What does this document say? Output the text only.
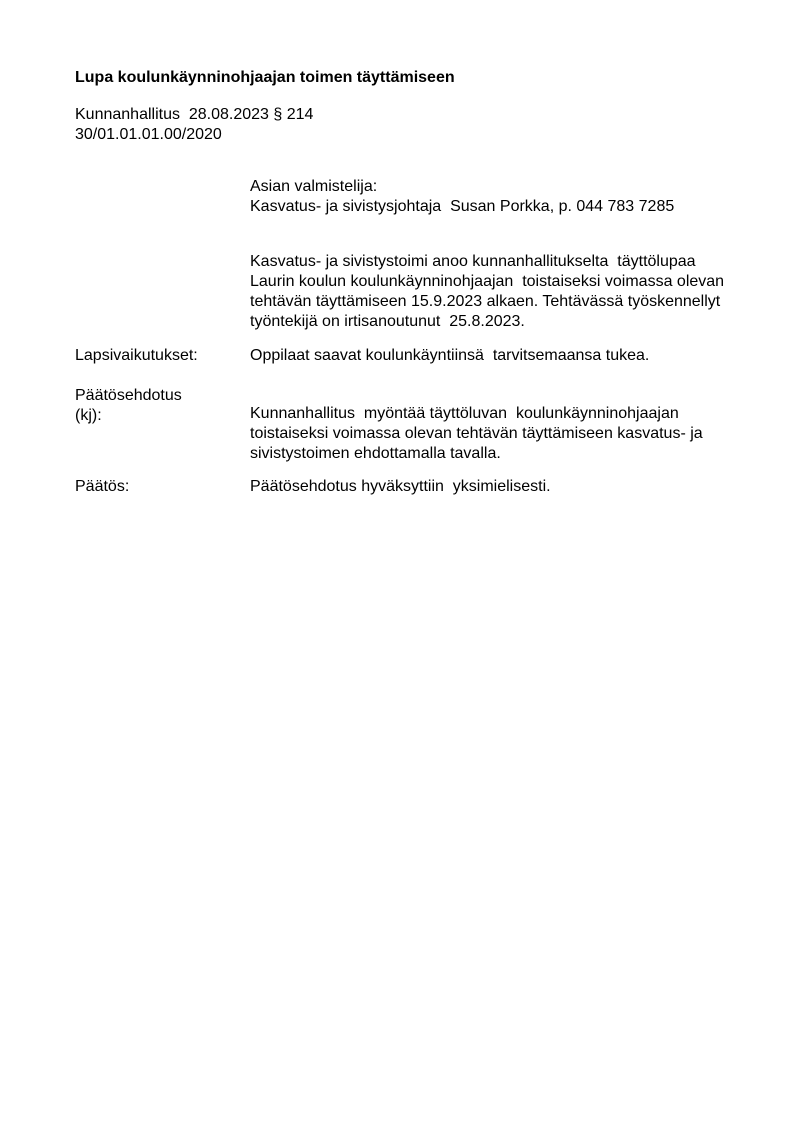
Lupa koulunkäynninohjaajan toimen täyttämiseen
Kunnanhallitus  28.08.2023 § 214
30/01.01.01.00/2020
Asian valmistelija:
Kasvatus- ja sivistysjohtaja  Susan Porkka, p. 044 783 7285
Kasvatus- ja sivistystoimi anoo kunnanhallitukselta  täyttölupaa
Laurin koulun koulunkäynninohjaajan  toistaiseksi voimassa olevan
tehtävän täyttämiseen 15.9.2023 alkaen. Tehtävässä työskennellyt
työntekijä on irtisanoutunut  25.8.2023.
Lapsivaikutukset:	Oppilaat saavat koulunkäyntiinsä  tarvitsemaansa tukea.
Päätösehdotus
(kj):	Kunnanhallitus  myöntää täyttöluvan  koulunkäynninohjaajan
toistaiseksi voimassa olevan tehtävän täyttämiseen kasvatus- ja
sivistystoimen ehdottamalla tavalla.
Päätös:	Päätösehdotus hyväksyttiin  yksimielisesti.
